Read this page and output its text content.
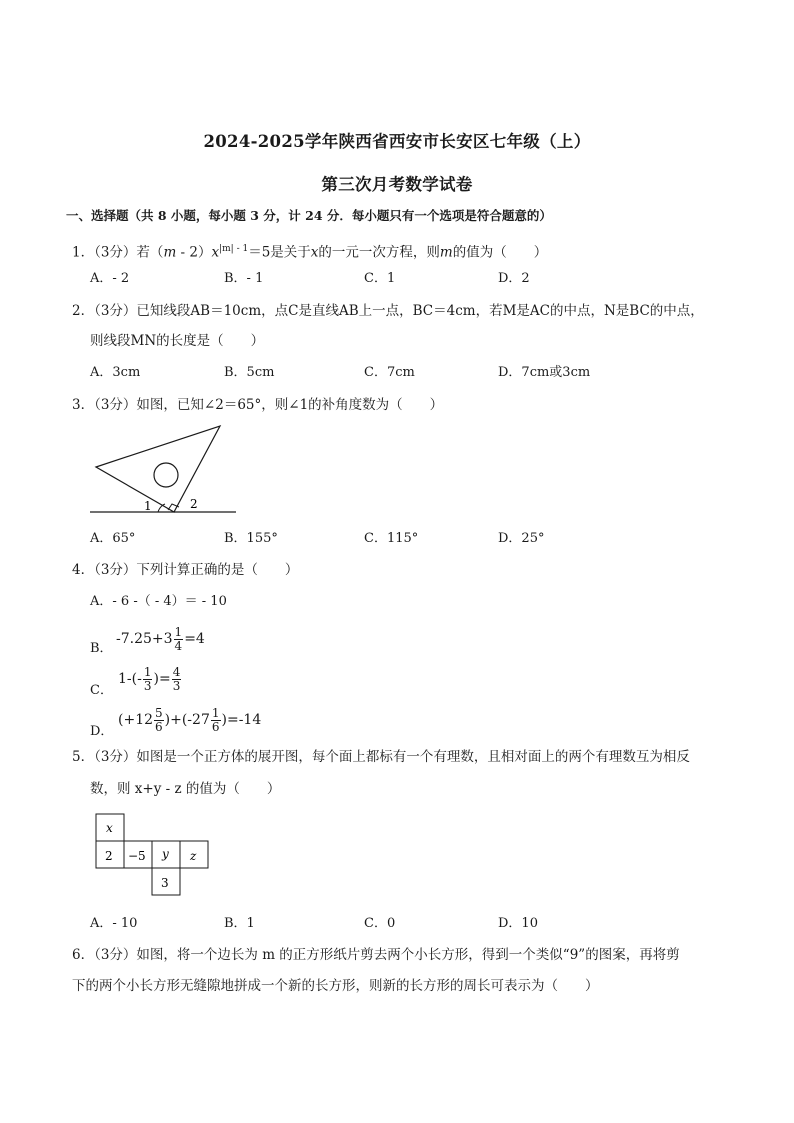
2024-2025学年陕西省西安市长安区七年级（上）
第三次月考数学试卷
一、选择题（共 8 小题，每小题 3 分，计 24 分．每小题只有一个选项是符合题意的）
1．（3分）若$(m - 2)x^{|m| - 1}=5$是关于x的一元一次方程，则m的值为（　　）
A．- 2	B．- 1	C．1	D．2
2．（3分）已知线段AB＝10cm，点C是直线AB上一点，BC＝4cm，若M是AC的中点，N是BC的中点，
则线段MN的长度是（　　）
A．3cm	B．5cm	C．7cm	D．7cm或3cm
3．（3分）如图，已知∠2＝65°，则∠1的补角度数为（　　）
1	2
A．65°	B．155°	C．115°	D．25°
4．（3分）下列计算正确的是（　　）
A．- 6 -（ - 4）＝ - 10
B．
$-7.25+3 \frac{1}{4} =4$
C．
$1-(- \frac{1}{3}$ )= $\frac{4}{3}$
D．
$(+12 \frac{5}{6} )+(-27 \frac{1}{6} )=-14$
5．（3分）如图是一个正方体的展开图，每个面上都标有一个有理数，且相对面上的两个有理数互为相反
数，则 x+y - z 的值为（　　）
x
2 −5 y z
3
A．- 10	B．1	C．0	D．10
6．（3分）如图，将一个边长为 m 的正方形纸片剪去两个小长方形，得到一个类似“9”的图案，再将剪
下的两个小长方形无缝隙地拼成一个新的长方形，则新的长方形的周长可表示为（　　）
